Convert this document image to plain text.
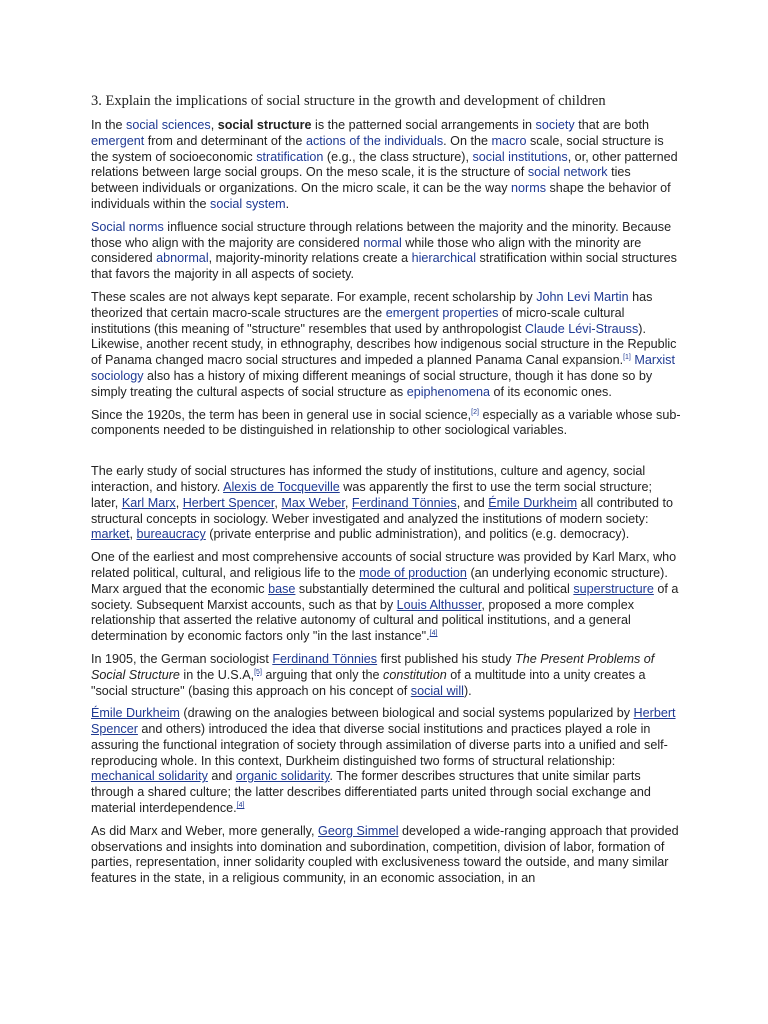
3. Explain the implications of social structure in the growth and development of children

In the social sciences, social structure is the patterned social arrangements in society that are both emergent from and determinant of the actions of the individuals. On the macro scale, social structure is the system of socioeconomic stratification (e.g., the class structure), social institutions, or, other patterned relations between large social groups. On the meso scale, it is the structure of social network ties between individuals or organizations. On the micro scale, it can be the way norms shape the behavior of individuals within the social system.

Social norms influence social structure through relations between the majority and the minority. Because those who align with the majority are considered normal while those who align with the minority are considered abnormal, majority-minority relations create a hierarchical stratification within social structures that favors the majority in all aspects of society.

These scales are not always kept separate. For example, recent scholarship by John Levi Martin has theorized that certain macro-scale structures are the emergent properties of micro-scale cultural institutions (this meaning of "structure" resembles that used by anthropologist Claude Lévi-Strauss). Likewise, another recent study, in ethnography, describes how indigenous social structure in the Republic of Panama changed macro social structures and impeded a planned Panama Canal expansion.[1] Marxist sociology also has a history of mixing different meanings of social structure, though it has done so by simply treating the cultural aspects of social structure as epiphenomena of its economic ones.

Since the 1920s, the term has been in general use in social science,[2] especially as a variable whose sub-components needed to be distinguished in relationship to other sociological variables.

The early study of social structures has informed the study of institutions, culture and agency, social interaction, and history. Alexis de Tocqueville was apparently the first to use the term social structure; later, Karl Marx, Herbert Spencer, Max Weber, Ferdinand Tönnies, and Émile Durkheim all contributed to structural concepts in sociology. Weber investigated and analyzed the institutions of modern society: market, bureaucracy (private enterprise and public administration), and politics (e.g. democracy).

One of the earliest and most comprehensive accounts of social structure was provided by Karl Marx, who related political, cultural, and religious life to the mode of production (an underlying economic structure). Marx argued that the economic base substantially determined the cultural and political superstructure of a society. Subsequent Marxist accounts, such as that by Louis Althusser, proposed a more complex relationship that asserted the relative autonomy of cultural and political institutions, and a general determination by economic factors only "in the last instance".[4]

In 1905, the German sociologist Ferdinand Tönnies first published his study The Present Problems of Social Structure in the U.S.A,[5] arguing that only the constitution of a multitude into a unity creates a "social structure" (basing this approach on his concept of social will).

Émile Durkheim (drawing on the analogies between biological and social systems popularized by Herbert Spencer and others) introduced the idea that diverse social institutions and practices played a role in assuring the functional integration of society through assimilation of diverse parts into a unified and self-reproducing whole. In this context, Durkheim distinguished two forms of structural relationship: mechanical solidarity and organic solidarity. The former describes structures that unite similar parts through a shared culture; the latter describes differentiated parts united through social exchange and material interdependence.[4]

As did Marx and Weber, more generally, Georg Simmel developed a wide-ranging approach that provided observations and insights into domination and subordination, competition, division of labor, formation of parties, representation, inner solidarity coupled with exclusiveness toward the outside, and many similar features in the state, in a religious community, in an economic association, in an
